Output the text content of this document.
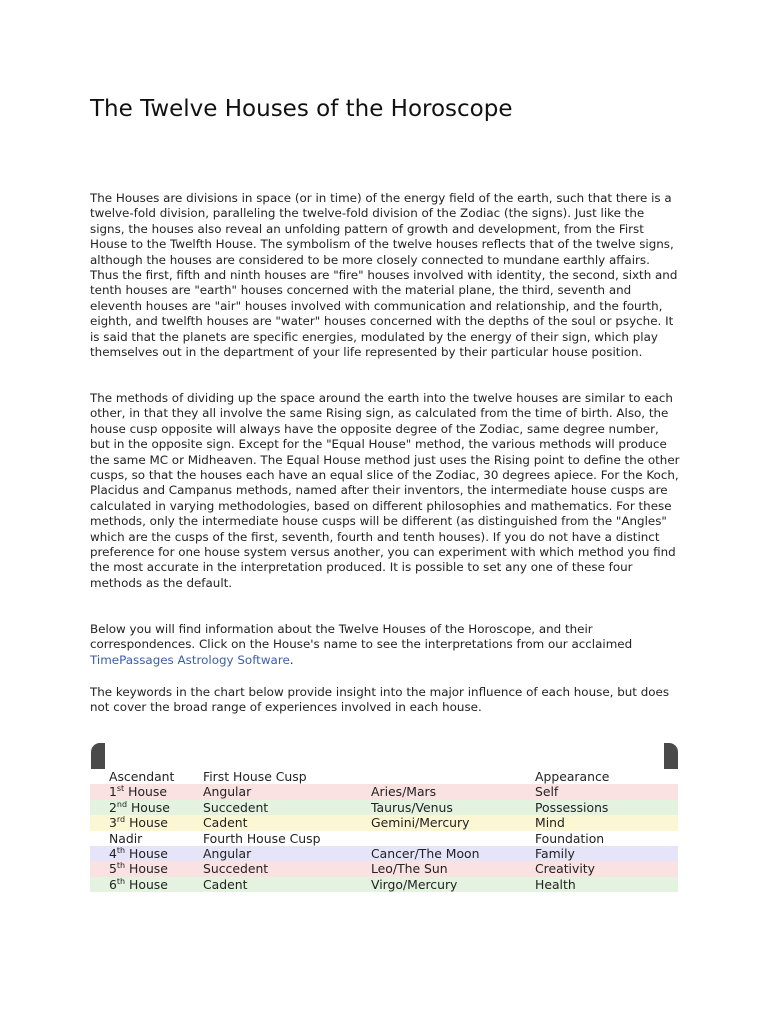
The Twelve Houses of the Horoscope

The Houses are divisions in space (or in time) of the energy field of the earth, such that there is a twelve-fold division, paralleling the twelve-fold division of the Zodiac (the signs). Just like the signs, the houses also reveal an unfolding pattern of growth and development, from the First House to the Twelfth House. The symbolism of the twelve houses reflects that of the twelve signs, although the houses are considered to be more closely connected to mundane earthly affairs. Thus the first, fifth and ninth houses are "fire" houses involved with identity, the second, sixth and tenth houses are "earth" houses concerned with the material plane, the third, seventh and eleventh houses are "air" houses involved with communication and relationship, and the fourth, eighth, and twelfth houses are "water" houses concerned with the depths of the soul or psyche. It is said that the planets are specific energies, modulated by the energy of their sign, which play themselves out in the department of your life represented by their particular house position.

The methods of dividing up the space around the earth into the twelve houses are similar to each other, in that they all involve the same Rising sign, as calculated from the time of birth. Also, the house cusp opposite will always have the opposite degree of the Zodiac, same degree number, but in the opposite sign. Except for the "Equal House" method, the various methods will produce the same MC or Midheaven. The Equal House method just uses the Rising point to define the other cusps, so that the houses each have an equal slice of the Zodiac, 30 degrees apiece. For the Koch, Placidus and Campanus methods, named after their inventors, the intermediate house cusps are calculated in varying methodologies, based on different philosophies and mathematics. For these methods, only the intermediate house cusps will be different (as distinguished from the "Angles" which are the cusps of the first, seventh, fourth and tenth houses). If you do not have a distinct preference for one house system versus another, you can experiment with which method you find the most accurate in the interpretation produced. It is possible to set any one of these four methods as the default.

Below you will find information about the Twelve Houses of the Horoscope, and their correspondences. Click on the House's name to see the interpretations from our acclaimed TimePassages Astrology Software.

The keywords in the chart below provide insight into the major influence of each house, but does not cover the broad range of experiences involved in each house.

Ascendant	First House Cusp		Appearance
1st House	Angular	Aries/Mars	Self
2nd House	Succedent	Taurus/Venus	Possessions
3rd House	Cadent	Gemini/Mercury	Mind
Nadir	Fourth House Cusp		Foundation
4th House	Angular	Cancer/The Moon	Family
5th House	Succedent	Leo/The Sun	Creativity
6th House	Cadent	Virgo/Mercury	Health
